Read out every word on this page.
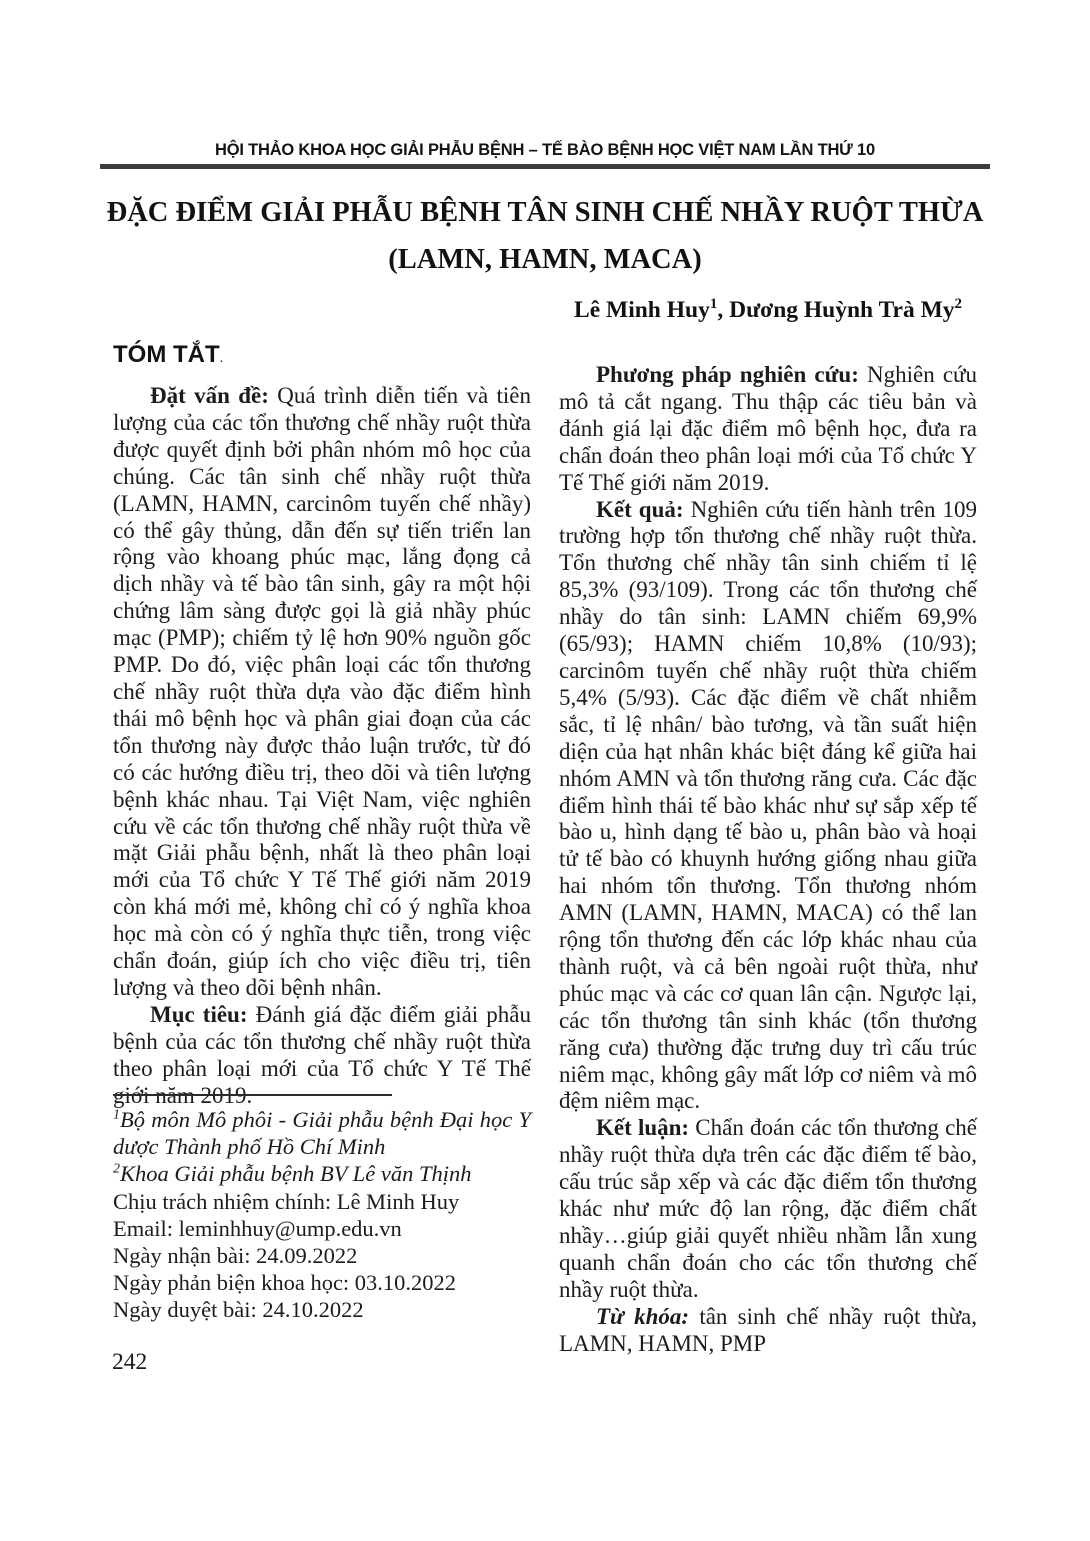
HỘI THẢO KHOA HỌC GIẢI PHẪU BỆNH – TẾ BÀO BỆNH HỌC VIỆT NAM LẦN THỨ 10
ĐẶC ĐIỂM GIẢI PHẪU BỆNH TÂN SINH CHẾ NHẦY RUỘT THỪA
(LAMN, HAMN, MACA)
Lê Minh Huy$^1$, Dương Huỳnh Trà My$^2$
TÓM TẮT.

Đặt vấn đề: Quá trình diễn tiến và tiên lượng của các tổn thương chế nhầy ruột thừa được quyết định bởi phân nhóm mô học của chúng. Các tân sinh chế nhầy ruột thừa (LAMN, HAMN, carcinôm tuyến chế nhầy) có thể gây thủng, dẫn đến sự tiến triển lan rộng vào khoang phúc mạc, lắng đọng cả dịch nhầy và tế bào tân sinh, gây ra một hội chứng lâm sàng được gọi là giả nhầy phúc mạc (PMP); chiếm tỷ lệ hơn 90% nguồn gốc PMP. Do đó, việc phân loại các tổn thương chế nhầy ruột thừa dựa vào đặc điểm hình thái mô bệnh học và phân giai đoạn của các tổn thương này được thảo luận trước, từ đó có các hướng điều trị, theo dõi và tiên lượng bệnh khác nhau. Tại Việt Nam, việc nghiên cứu về các tổn thương chế nhầy ruột thừa về mặt Giải phẫu bệnh, nhất là theo phân loại mới của Tổ chức Y Tế Thế giới năm 2019 còn khá mới mẻ, không chỉ có ý nghĩa khoa học mà còn có ý nghĩa thực tiễn, trong việc chẩn đoán, giúp ích cho việc điều trị, tiên lượng và theo dõi bệnh nhân.

Mục tiêu: Đánh giá đặc điểm giải phẫu bệnh của các tổn thương chế nhầy ruột thừa theo phân loại mới của Tổ chức Y Tế Thế giới năm 2019.

Phương pháp nghiên cứu: Nghiên cứu mô tả cắt ngang. Thu thập các tiêu bản và đánh giá lại đặc điểm mô bệnh học, đưa ra chẩn đoán theo phân loại mới của Tổ chức Y Tế Thế giới năm 2019.

Kết quả: Nghiên cứu tiến hành trên 109 trường hợp tổn thương chế nhầy ruột thừa. Tổn thương chế nhầy tân sinh chiếm tỉ lệ 85,3% (93/109). Trong các tổn thương chế nhầy do tân sinh: LAMN chiếm 69,9% (65/93); HAMN chiếm 10,8% (10/93); carcinôm tuyến chế nhầy ruột thừa chiếm 5,4% (5/93). Các đặc điểm về chất nhiễm sắc, tỉ lệ nhân/ bào tương, và tần suất hiện diện của hạt nhân khác biệt đáng kể giữa hai nhóm AMN và tổn thương răng cưa. Các đặc điểm hình thái tế bào khác như sự sắp xếp tế bào u, hình dạng tế bào u, phân bào và hoại tử tế bào có khuynh hướng giống nhau giữa hai nhóm tổn thương. Tổn thương nhóm AMN (LAMN, HAMN, MACA) có thể lan rộng tổn thương đến các lớp khác nhau của thành ruột, và cả bên ngoài ruột thừa, như phúc mạc và các cơ quan lân cận. Ngược lại, các tổn thương tân sinh khác (tổn thương răng cưa) thường đặc trưng duy trì cấu trúc niêm mạc, không gây mất lớp cơ niêm và mô đệm niêm mạc.

Kết luận: Chẩn đoán các tổn thương chế nhầy ruột thừa dựa trên các đặc điểm tế bào, cấu trúc sắp xếp và các đặc điểm tổn thương khác như mức độ lan rộng, đặc điểm chất nhầy…giúp giải quyết nhiều nhầm lẫn xung quanh chẩn đoán cho các tổn thương chế nhầy ruột thừa.

Từ khóa: tân sinh chế nhầy ruột thừa, LAMN, HAMN, PMP

$^1$Bộ môn Mô phôi - Giải phẫu bệnh Đại học Y dược Thành phố Hồ Chí Minh

$^2$Khoa Giải phẫu bệnh BV Lê văn Thịnh

Chịu trách nhiệm chính: Lê Minh Huy

Email: leminhhuy@ump.edu.vn

Ngày nhận bài: 24.09.2022

Ngày phản biện khoa học: 03.10.2022

Ngày duyệt bài: 24.10.2022

242
